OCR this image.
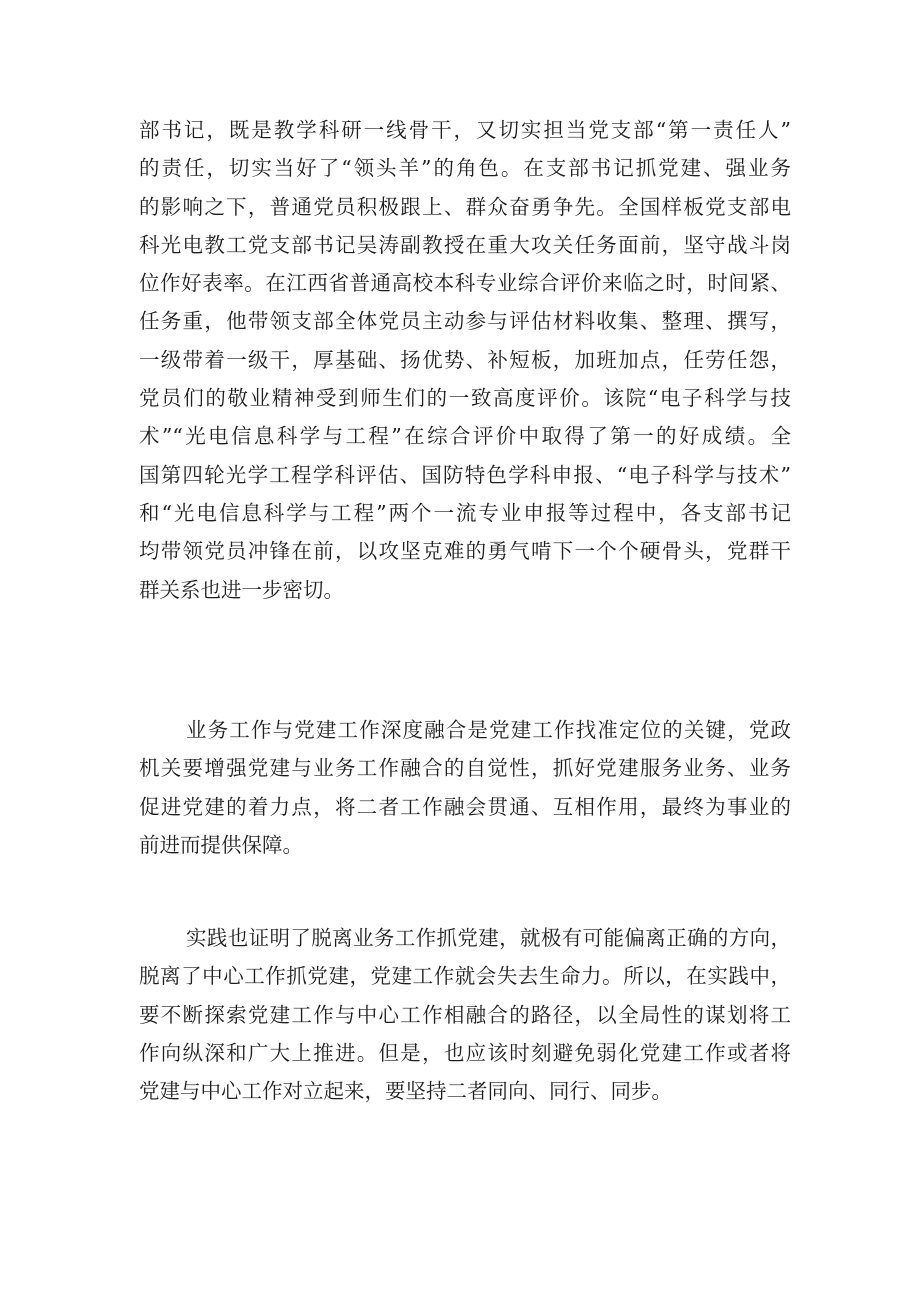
部书记，既是教学科研一线骨干，又切实担当党支部“第一责任人”
的责任，切实当好了“领头羊”的角色。在支部书记抓党建、强业务
的影响之下，普通党员积极跟上、群众奋勇争先。全国样板党支部电
科光电教工党支部书记吴涛副教授在重大攻关任务面前，坚守战斗岗
位作好表率。在江西省普通高校本科专业综合评价来临之时，时间紧、
任务重，他带领支部全体党员主动参与评估材料收集、整理、撰写，
一级带着一级干，厚基础、扬优势、补短板，加班加点，任劳任怨，
党员们的敬业精神受到师生们的一致高度评价。该院“电子科学与技
术”“光电信息科学与工程”在综合评价中取得了第一的好成绩。全
国第四轮光学工程学科评估、国防特色学科申报、“电子科学与技术”
和“光电信息科学与工程”两个一流专业申报等过程中，各支部书记
均带领党员冲锋在前，以攻坚克难的勇气啃下一个个硬骨头，党群干
群关系也进一步密切。
业务工作与党建工作深度融合是党建工作找准定位的关键，党政
机关要增强党建与业务工作融合的自觉性，抓好党建服务业务、业务
促进党建的着力点，将二者工作融会贯通、互相作用，最终为事业的
前进而提供保障。
实践也证明了脱离业务工作抓党建，就极有可能偏离正确的方向，
脱离了中心工作抓党建，党建工作就会失去生命力。所以，在实践中，
要不断探索党建工作与中心工作相融合的路径，以全局性的谋划将工
作向纵深和广大上推进。但是，也应该时刻避免弱化党建工作或者将
党建与中心工作对立起来，要坚持二者同向、同行、同步。
